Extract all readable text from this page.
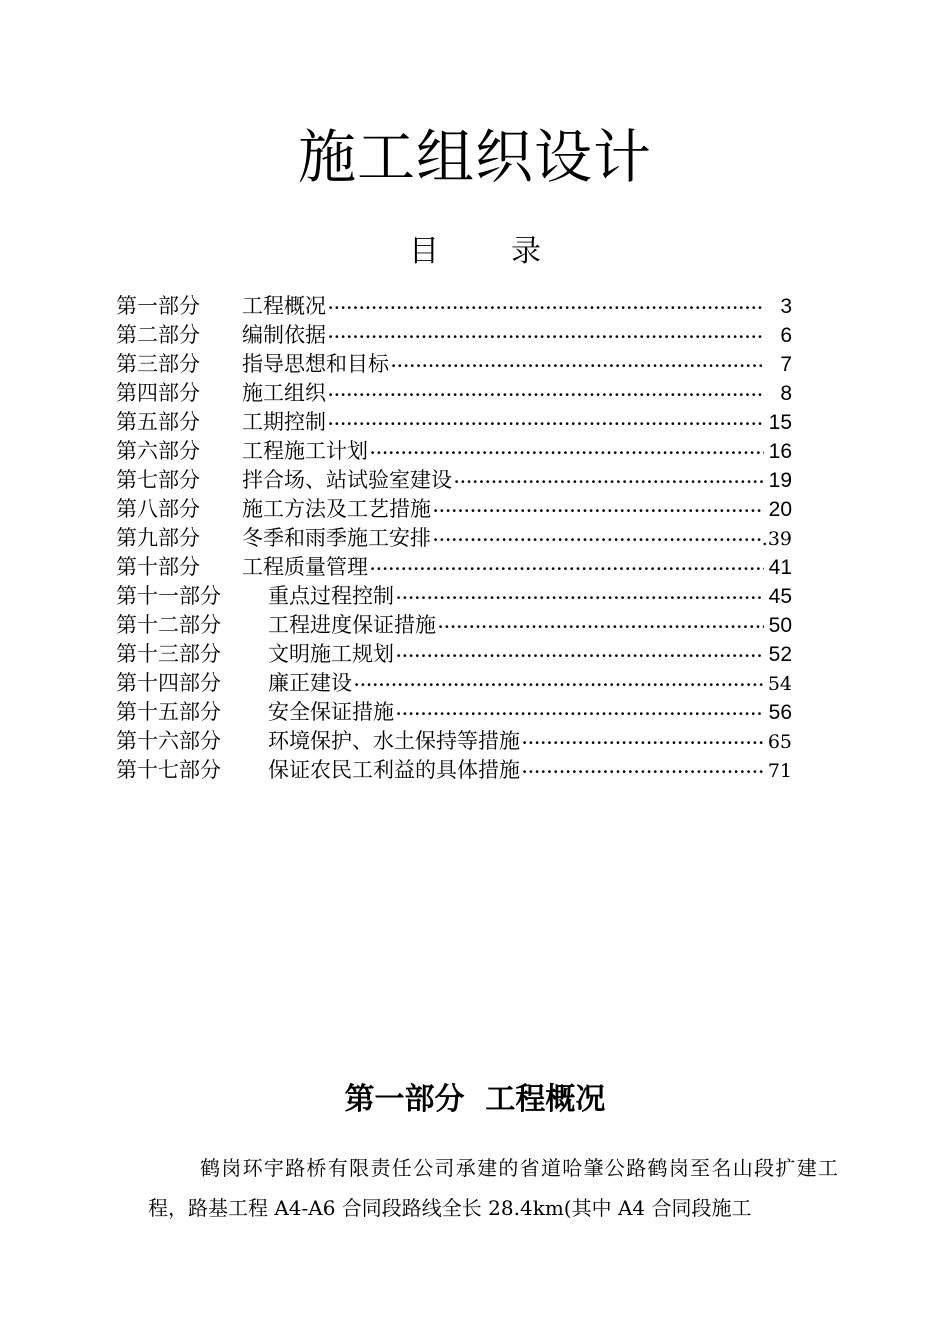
施工组织设计
目 录
第一部分	工程概况 ·····	3
第二部分	编制依据 ·····	6
第三部分	指导思想和目标 ·····	7
第四部分	施工组织 ·····	8
第五部分	工期控制 ·····	15
第六部分	工程施工计划 ·····	16
第七部分	拌合场、站试验室建设 ·····	19
第八部分	施工方法及工艺措施 ·····	20
第九部分	冬季和雨季施工安排 ·····	.39
第十部分	工程质量管理 ·····	41
第十一部分	重点过程控制 ·····	45
第十二部分	工程进度保证措施 ·····	50
第十三部分	文明施工规划 ·····	52
第十四部分	廉正建设 ·····	54
第十五部分	安全保证措施 ·····	56
第十六部分	环境保护、水土保持等措施 ·····	65
第十七部分	保证农民工利益的具体措施 ·····	71
第一部分  工程概况

鹤岗环宇路桥有限责任公司承建的省道哈肇公路鹤岗至名山段扩建工程，路基工程 A4-A6 合同段路线全长 28.4km(其中 A4 合同段施工
